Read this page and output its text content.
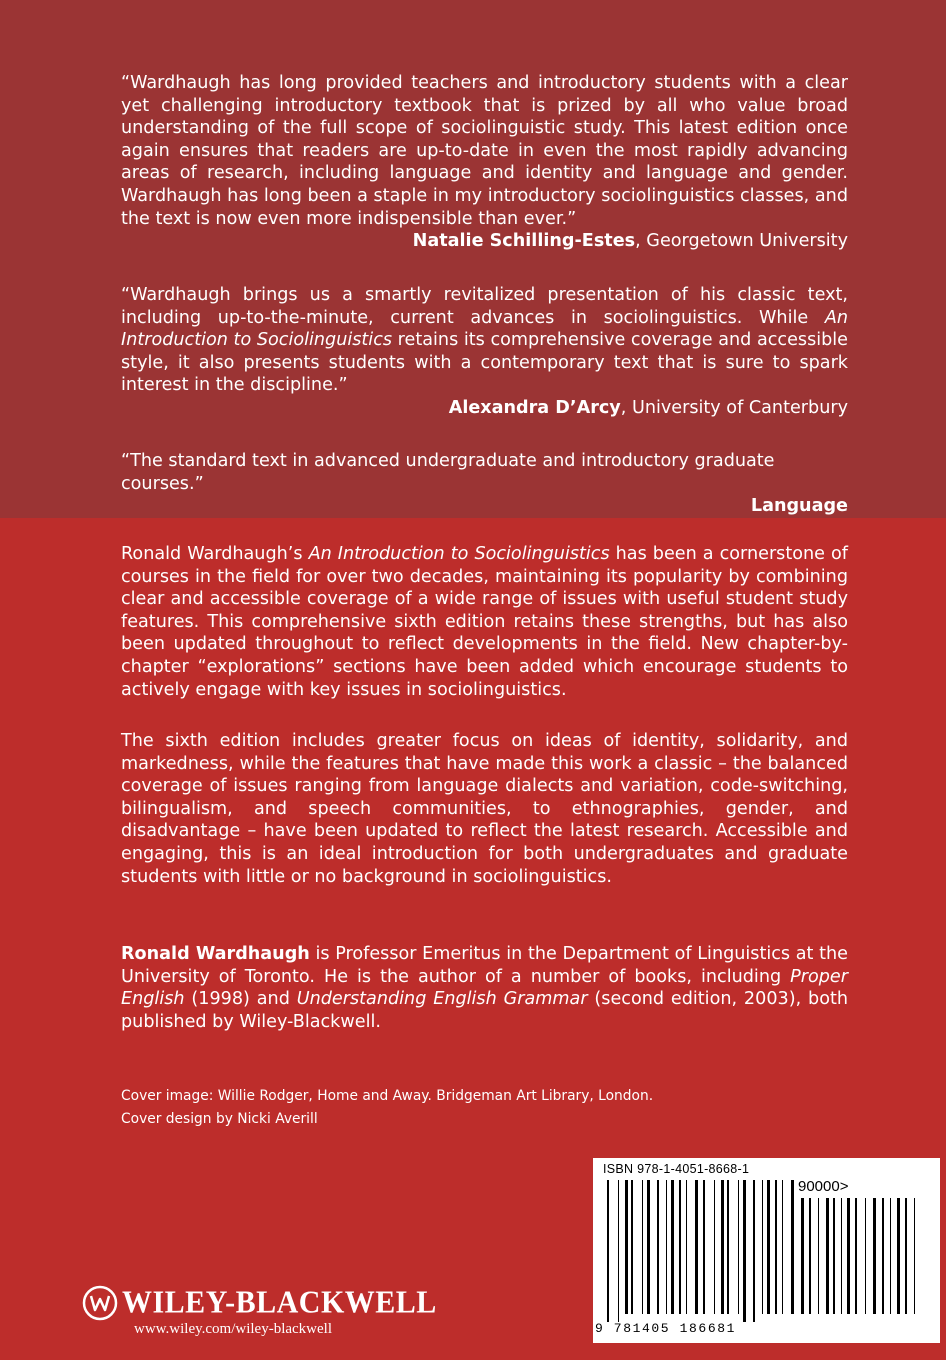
“Wardhaugh has long provided teachers and introductory students with a clear yet challenging introductory textbook that is prized by all who value broad understanding of the full scope of sociolinguistic study. This latest edition once again ensures that readers are up-to-date in even the most rapidly advancing areas of research, including language and identity and language and gender. Wardhaugh has long been a staple in my introductory sociolinguistics classes, and the text is now even more indispensible than ever.”
Natalie Schilling-Estes, Georgetown University
“Wardhaugh brings us a smartly revitalized presentation of his classic text, including up-to-the-minute, current advances in sociolinguistics. While An Introduction to Sociolinguistics retains its comprehensive coverage and accessible style, it also presents students with a contemporary text that is sure to spark interest in the discipline.”
Alexandra D’Arcy, University of Canterbury
“The standard text in advanced undergraduate and introductory graduate courses.”
Language
Ronald Wardhaugh’s An Introduction to Sociolinguistics has been a cornerstone of courses in the field for over two decades, maintaining its popularity by combining clear and accessible coverage of a wide range of issues with useful student study features. This comprehensive sixth edition retains these strengths, but has also been updated throughout to reflect developments in the field. New chapter-by-chapter “explorations” sections have been added which encourage students to actively engage with key issues in sociolinguistics.
The sixth edition includes greater focus on ideas of identity, solidarity, and markedness, while the features that have made this work a classic – the balanced coverage of issues ranging from language dialects and variation, code-switching, bilingualism, and speech communities, to ethnographies, gender, and disadvantage – have been updated to reflect the latest research. Accessible and engaging, this is an ideal introduction for both undergraduates and graduate students with little or no background in sociolinguistics.
Ronald Wardhaugh is Professor Emeritus in the Department of Linguistics at the University of Toronto. He is the author of a number of books, including Proper English (1998) and Understanding English Grammar (second edition, 2003), both published by Wiley-Blackwell.
Cover image: Willie Rodger, Home and Away. Bridgeman Art Library, London.
Cover design by Nicki Averill
ISBN 978-1-4051-8668-1
90000>
9 781405 186681
WILEY-BLACKWELL
www.wiley.com/wiley-blackwell
